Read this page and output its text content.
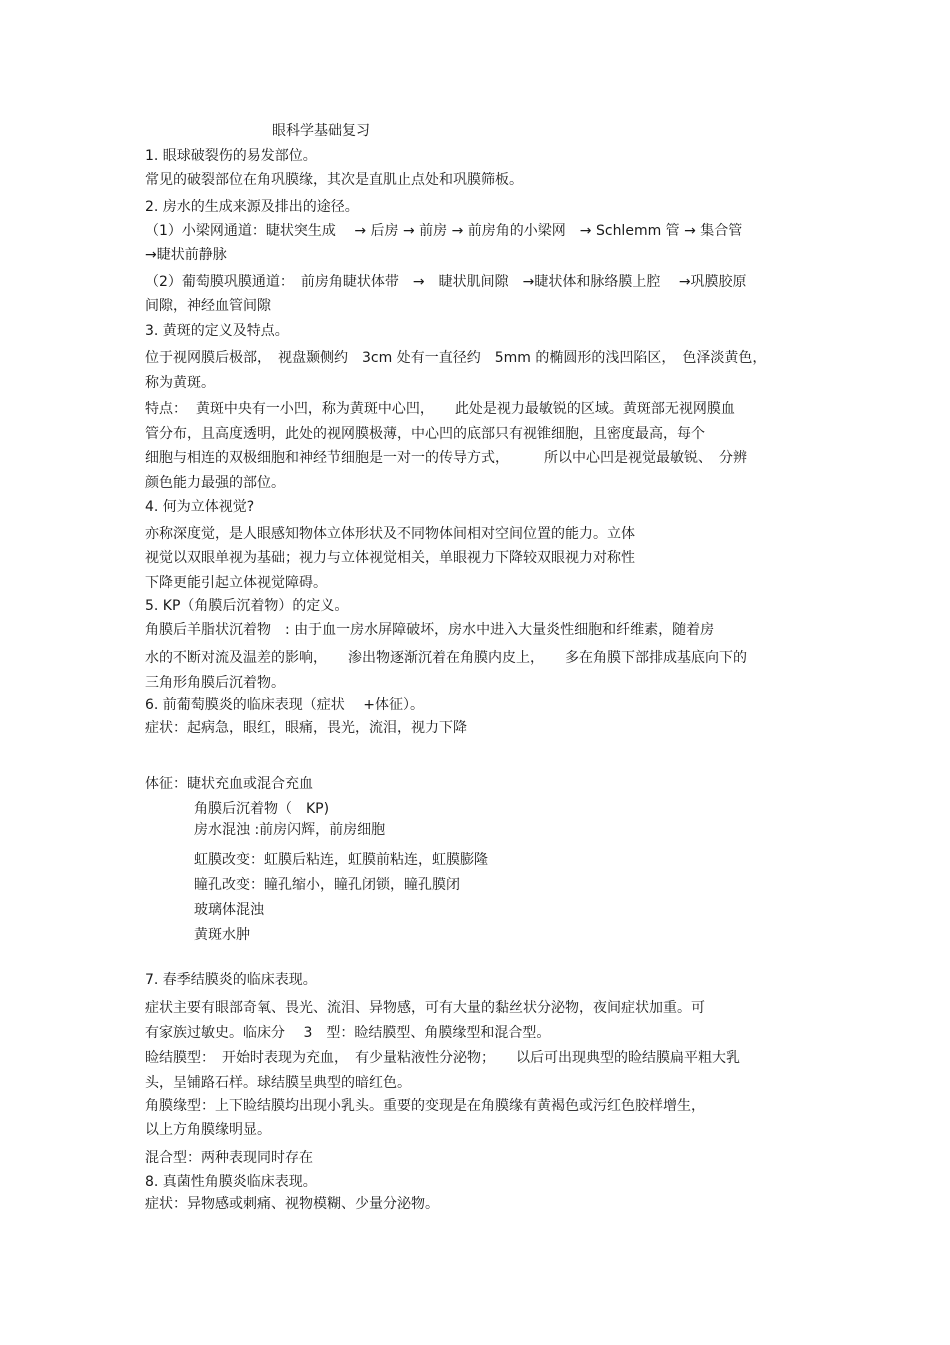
眼科学基础复习
1. 眼球破裂伤的易发部位。
常见的破裂部位在角巩膜缘，其次是直肌止点处和巩膜筛板。
2. 房水的生成来源及排出的途径。
（1）小梁网通道：睫状突生成　 → 后房 → 前房 → 前房角的小梁网　→ Schlemm 管 → 集合管
→睫状前静脉
（2）葡萄膜巩膜通道：　前房角睫状体带　→　睫状肌间隙　→睫状体和脉络膜上腔　 →巩膜胶原
间隙，神经血管间隙
3. 黄斑的定义及特点。
位于视网膜后极部，　视盘颞侧约　3cm 处有一直径约　5mm 的椭圆形的浅凹陷区，　色泽淡黄色，
称为黄斑。
特点：  黄斑中央有一小凹，称为黄斑中心凹，　　此处是视力最敏锐的区域。黄斑部无视网膜血
管分布，且高度透明，此处的视网膜极薄，中心凹的底部只有视锥细胞，且密度最高，每个
细胞与相连的双极细胞和神经节细胞是一对一的传导方式，　　　所以中心凹是视觉最敏锐、　分辨
颜色能力最强的部位。
4. 何为立体视觉?
亦称深度觉，是人眼感知物体立体形状及不同物体间相对空间位置的能力。立体
视觉以双眼单视为基础；视力与立体视觉相关，单眼视力下降较双眼视力对称性
下降更能引起立体视觉障碍。
5. KP（角膜后沉着物）的定义。
角膜后羊脂状沉着物　: 由于血一房水屏障破坏，房水中进入大量炎性细胞和纤维素，随着房
水的不断对流及温差的影响，　　渗出物逐渐沉着在角膜内皮上，　　多在角膜下部排成基底向下的
三角形角膜后沉着物。
6. 前葡萄膜炎的临床表现（症状　 +体征）。
症状：起病急，眼红，眼痛，畏光，流泪，视力下降
体征：睫状充血或混合充血
角膜后沉着物（　KP)
房水混浊 :前房闪辉，前房细胞
虹膜改变：虹膜后粘连，虹膜前粘连，虹膜膨隆
瞳孔改变：瞳孔缩小，瞳孔闭锁，瞳孔膜闭
玻璃体混浊
黄斑水肿
7. 春季结膜炎的临床表现。
症状主要有眼部奇氧、畏光、流泪、异物感，可有大量的黏丝状分泌物，夜间症状加重。可
有家族过敏史。临床分　 3　型：睑结膜型、角膜缘型和混合型。
睑结膜型：　开始时表现为充血，　有少量粘液性分泌物；　　以后可出现典型的睑结膜扁平粗大乳
头，呈铺路石样。球结膜呈典型的暗红色。
角膜缘型：上下睑结膜均出现小乳头。重要的变现是在角膜缘有黄褐色或污红色胶样增生，
以上方角膜缘明显。
混合型：两种表现同时存在
8. 真菌性角膜炎临床表现。
症状：异物感或刺痛、视物模糊、少量分泌物。
